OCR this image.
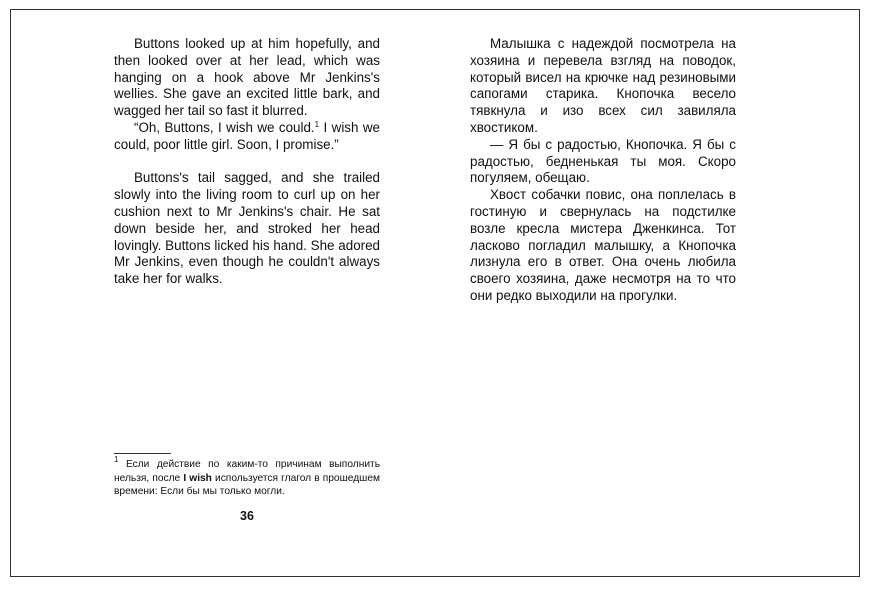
Buttons looked up at him hopefully, and then looked over at her lead, which was hanging on a hook above Mr Jenkins's wellies. She gave an excited little bark, and wagged her tail so fast it blurred.

“Oh, Buttons, I wish we could.$^1$ I wish we could, poor little girl. Soon, I promise.”

Buttons's tail sagged, and she trailed slowly into the living room to curl up on her cushion next to Mr Jenkins's chair. He sat down beside her, and stroked her head lovingly. Buttons licked his hand. She adored Mr Jenkins, even though he couldn't always take her for walks.

$^1$ Если действие по каким-то причинам выполнить нельзя, после I wish используется глагол в прошедшем времени: Если бы мы только могли.
36

Малышка с надеждой посмотрела на хозяина и перевела взгляд на поводок, который висел на крючке над резиновыми сапогами старика. Кнопочка весело тявкнула и изо всех сил завиляла хвостиком.

— Я бы с радостью, Кнопочка. Я бы с радостью, бедненькая ты моя. Скоро погуляем, обещаю.

Хвост собачки повис, она поплелась в гостиную и свернулась на подстилке возле кресла мистера Дженкинса. Тот ласково погладил малышку, а Кнопочка лизнула его в ответ. Она очень любила своего хозяина, даже несмотря на то что они редко выходили на прогулки.
